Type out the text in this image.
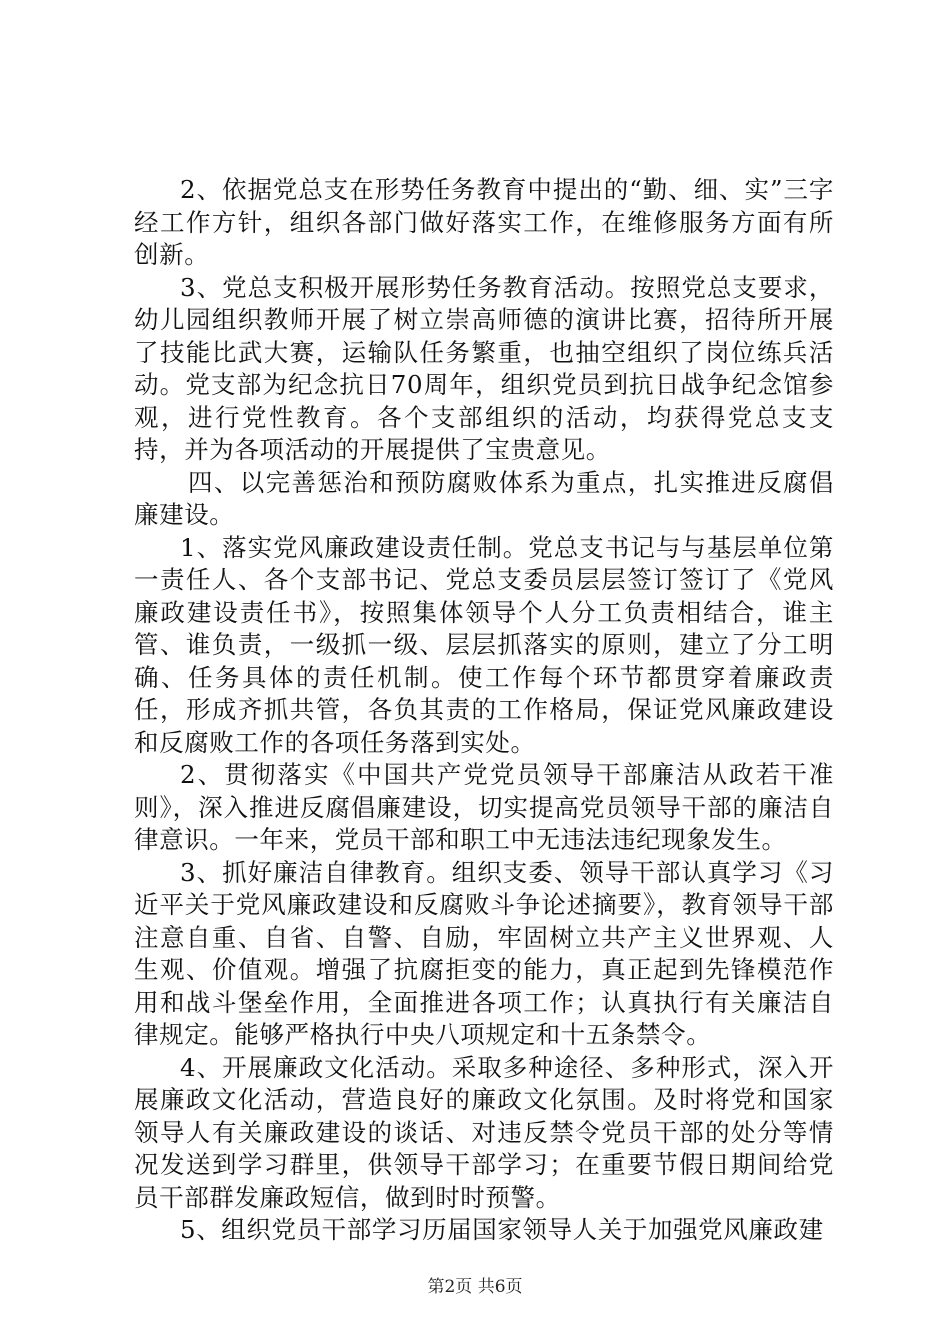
2、依据党总支在形势任务教育中提出的“勤、细、实”三字经工作方针，组织各部门做好落实工作，在维修服务方面有所创新。

3、党总支积极开展形势任务教育活动。按照党总支要求，幼儿园组织教师开展了树立崇高师德的演讲比赛，招待所开展了技能比武大赛，运输队任务繁重，也抽空组织了岗位练兵活动。党支部为纪念抗日70周年，组织党员到抗日战争纪念馆参观，进行党性教育。各个支部组织的活动，均获得党总支支持，并为各项活动的开展提供了宝贵意见。

四、以完善惩治和预防腐败体系为重点，扎实推进反腐倡廉建设。

1、落实党风廉政建设责任制。党总支书记与与基层单位第一责任人、各个支部书记、党总支委员层层签订签订了《党风廉政建设责任书》，按照集体领导个人分工负责相结合，谁主管、谁负责，一级抓一级、层层抓落实的原则，建立了分工明确、任务具体的责任机制。使工作每个环节都贯穿着廉政责任，形成齐抓共管，各负其责的工作格局，保证党风廉政建设和反腐败工作的各项任务落到实处。

2、贯彻落实《中国共产党党员领导干部廉洁从政若干准则》，深入推进反腐倡廉建设，切实提高党员领导干部的廉洁自律意识。一年来，党员干部和职工中无违法违纪现象发生。

3、抓好廉洁自律教育。组织支委、领导干部认真学习《习近平关于党风廉政建设和反腐败斗争论述摘要》，教育领导干部注意自重、自省、自警、自励，牢固树立共产主义世界观、人生观、价值观。增强了抗腐拒变的能力，真正起到先锋模范作用和战斗堡垒作用，全面推进各项工作；认真执行有关廉洁自律规定。能够严格执行中央八项规定和十五条禁令。

4、开展廉政文化活动。采取多种途径、多种形式，深入开展廉政文化活动，营造良好的廉政文化氛围。及时将党和国家领导人有关廉政建设的谈话、对违反禁令党员干部的处分等情况发送到学习群里，供领导干部学习；在重要节假日期间给党员干部群发廉政短信，做到时时预警。

5、组织党员干部学习历届国家领导人关于加强党风廉政建

第2页 共6页
